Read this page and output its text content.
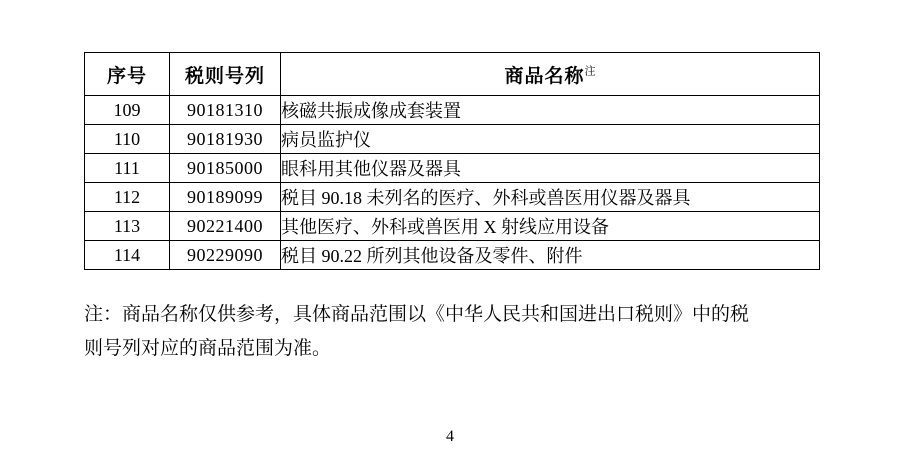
序号	税则号列	商品名称$^注$
109	90181310	核磁共振成像成套装置
110	90181930	病员监护仪
111	90185000	眼科用其他仪器及器具
112	90189099	税目 90.18 未列名的医疗、外科或兽医用仪器及器具
113	90221400	其他医疗、外科或兽医用 X 射线应用设备
114	90229090	税目 90.22 所列其他设备及零件、附件
注：商品名称仅供参考，具体商品范围以《中华人民共和国进出口税则》中的税
则号列对应的商品范围为准。
4
